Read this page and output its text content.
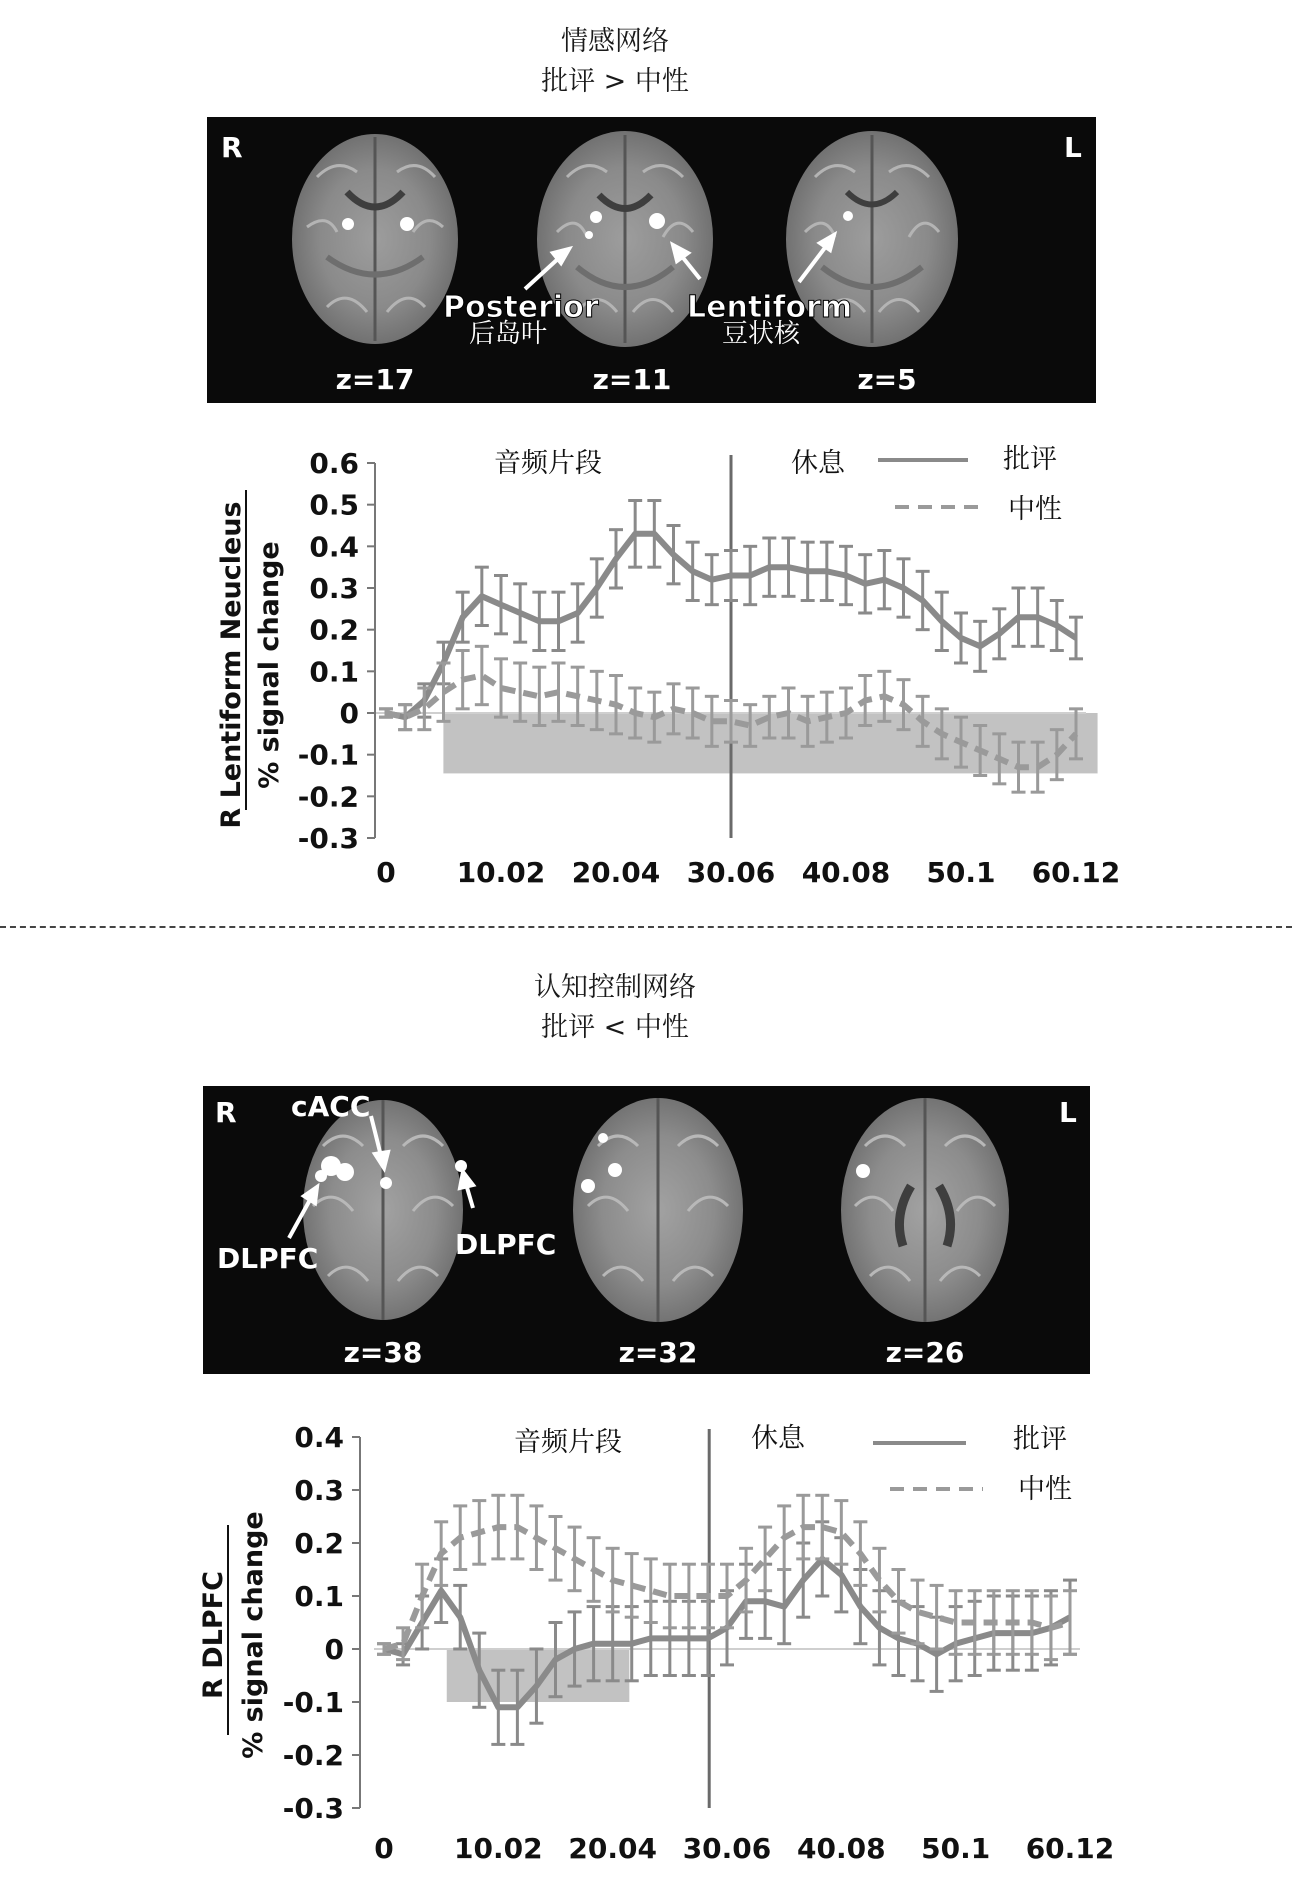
情感网络
批评 > 中性
R	L
Posterior
后岛叶
Lentiform
豆状核
z=17	z=11	z=5
0.6
0.5
0.4
0.3
0.2
0.1
0
-0.1
-0.2
-0.3
0 10.02 20.04 30.06 40.08 50.1 60.12
音频片段	休息	批评
中性
R Lentiform Neucleus % signal change
认知控制网络
批评 < 中性
R	L
cACC
DLPFC	DLPFC
z=38	z=32	z=26
0.4
0.3
0.2
0.1
0
-0.1
-0.2
-0.3
0 10.02 20.04 30.06 40.08 50.1 60.12
音频片段	休息	批评
中性
R DLPFC % signal change
